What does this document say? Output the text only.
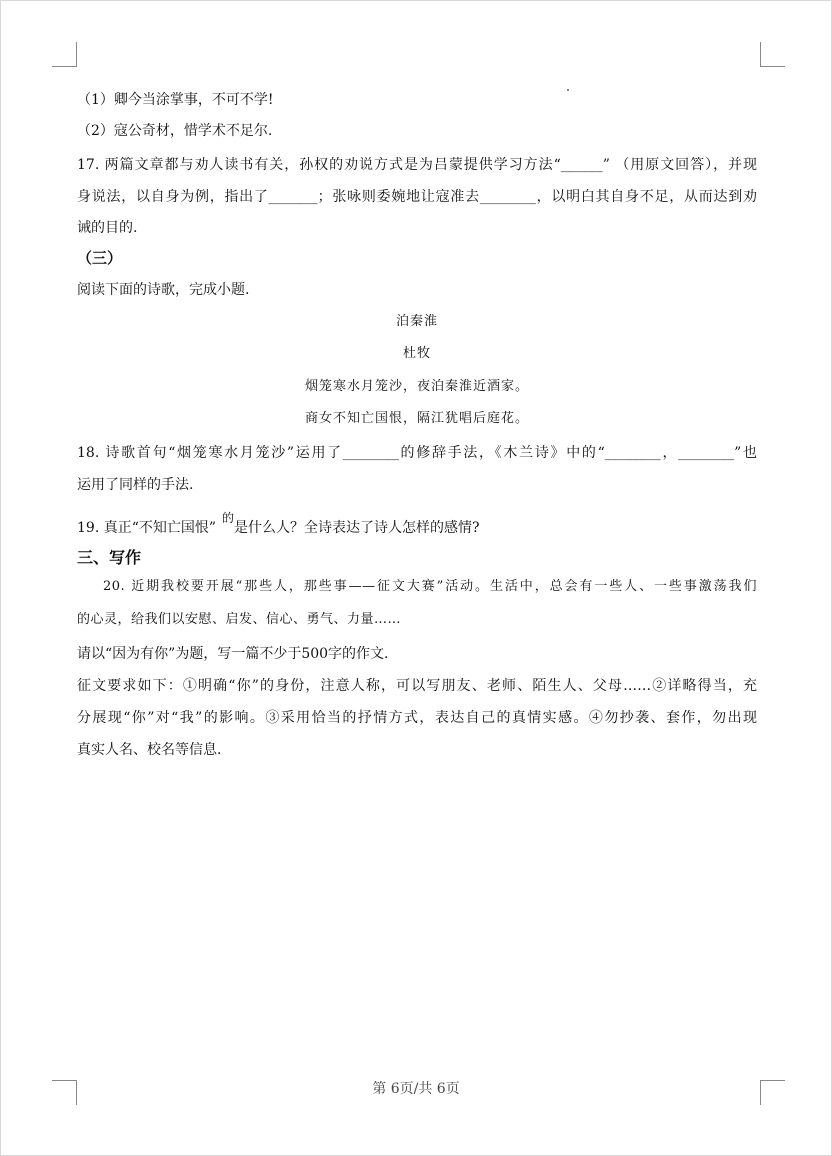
（1）卿今当涂掌事，不可不学!
（2）寇公奇材，惜学术不足尔.
17. 两篇文章都与劝人读书有关，孙权的劝说方式是为吕蒙提供学习方法“______” （用原文回答），并现
身说法，以自身为例，指出了_______；张咏则委婉地让寇准去________，以明白其自身不足，从而达到劝
诫的目的.
（三）
阅读下面的诗歌，完成小题.
泊秦淮
杜牧
烟笼寒水月笼沙，夜泊秦淮近酒家。
商女不知亡国恨，隔江犹唱后庭花。
18. 诗歌首句“烟笼寒水月笼沙”运用了________的修辞手法，《木兰诗》中的“________，________”也
运用了同样的手法.
19. 真正“不知亡国恨”的是什么人？全诗表达了诗人怎样的感情?
三、写作
20. 近期我校要开展“那些人，那些事——征文大赛”活动。生活中，总会有一些人、一些事激荡我们
的心灵，给我们以安慰、启发、信心、勇气、力量……
请以“因为有你”为题，写一篇不少于500字的作文.
征文要求如下：①明确“你”的身份，注意人称，可以写朋友、老师、陌生人、父母……②详略得当，充
分展现“你”对“我”的影响。③采用恰当的抒情方式，表达自己的真情实感。④勿抄袭、套作，勿出现
真实人名、校名等信息.
第 6页/共 6页
